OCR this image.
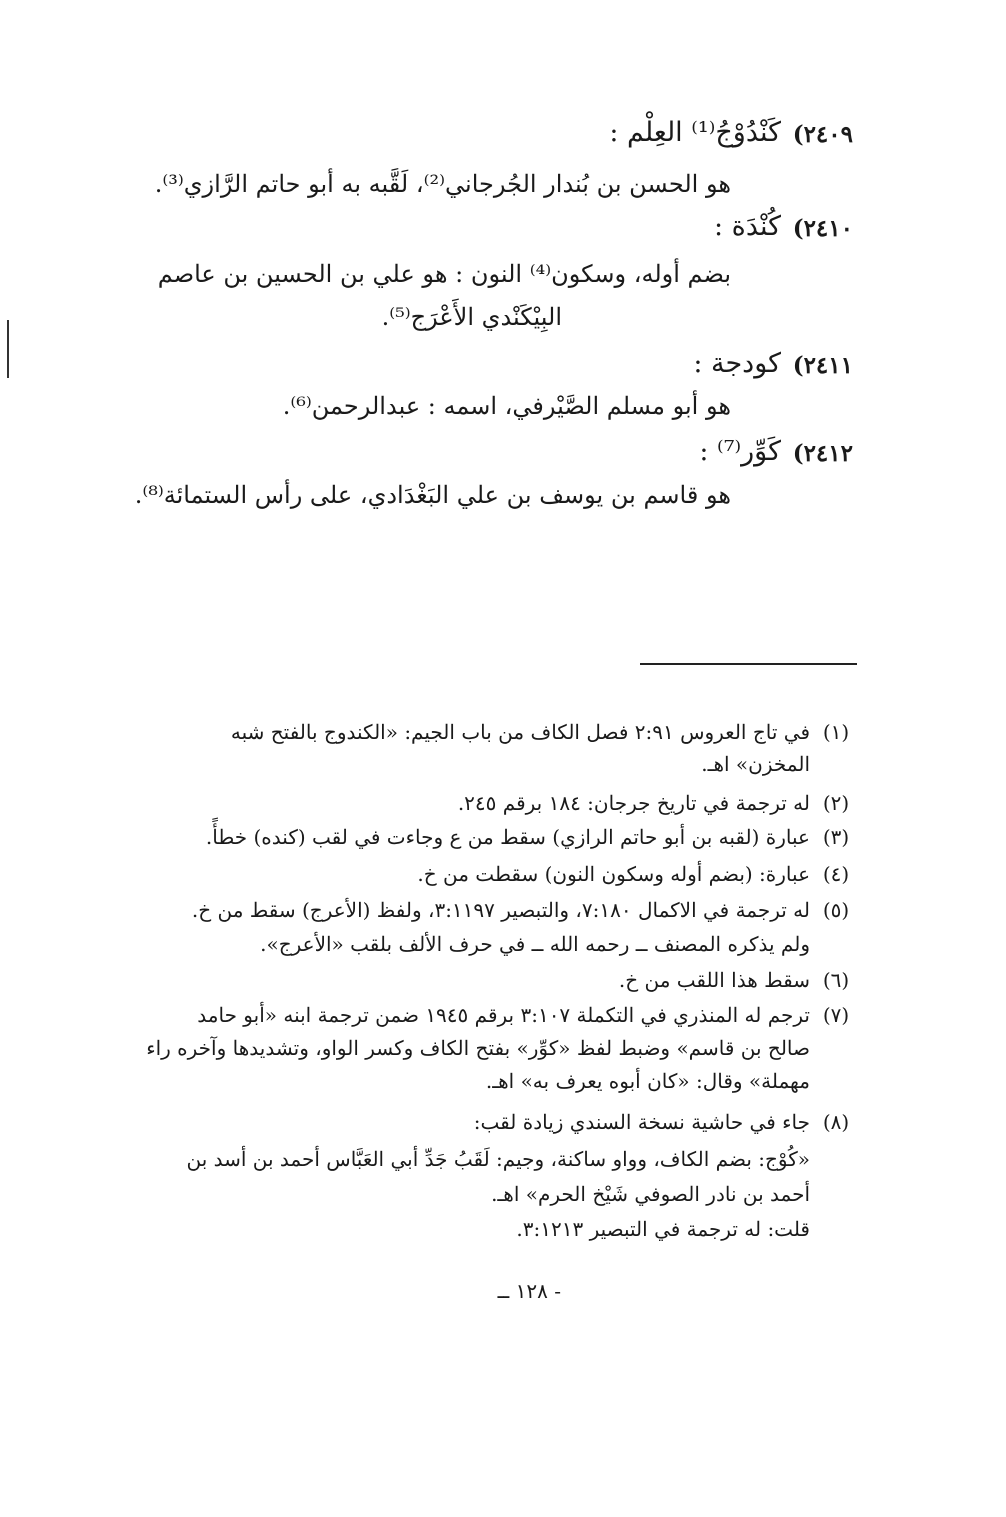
٢٤٠٩)
كَنْدُوْجُ⁽¹⁾ العِلْم :
هو الحسن بن بُندار الجُرجاني⁽²⁾، لَقَّبه به أبو حاتم الرَّازي⁽³⁾.
٢٤١٠)
كُنْدَة :
بضم أوله، وسكون⁽⁴⁾ النون : هو علي بن الحسين بن عاصم
البِيْكَنْدي الأَعْرَج⁽⁵⁾.
٢٤١١)
كودجة :
هو أبو مسلم الصَّيْرفي، اسمه : عبدالرحمن⁽⁶⁾.
٢٤١٢)
كَوِّر⁽⁷⁾ :
هو قاسم بن يوسف بن علي البَغْدَادي، على رأس الستمائة⁽⁸⁾.
(١)
في تاج العروس ٢:٩١ فصل الكاف من باب الجيم: «الكندوج بالفتح شبه
المخزن» اهـ.
(٢)
له ترجمة في تاريخ جرجان: ١٨٤ برقم ٢٤٥.
(٣)
عبارة (لقبه بن أبو حاتم الرازي) سقط من ع وجاءت في لقب (كنده) خطأً.
(٤)
عبارة: (بضم أوله وسكون النون) سقطت من خ.
(٥)
له ترجمة في الاكمال ٧:١٨٠، والتبصير ٣:١١٩٧، ولفظ (الأعرج) سقط من خ.
ولم يذكره المصنف ــ رحمه الله ــ في حرف الألف بلقب «الأعرج».
(٦)
سقط هذا اللقب من خ.
(٧)
ترجم له المنذري في التكملة ٣:١٠٧ برقم ١٩٤٥ ضمن ترجمة ابنه «أبو حامد
صالح بن قاسم» وضبط لفظ «كوِّر» بفتح الكاف وكسر الواو، وتشديدها وآخره راء
مهملة» وقال: «كان أبوه يعرف به» اهـ.
(٨)
جاء في حاشية نسخة السندي زيادة لقب:
«كُوْج: بضم الكاف، وواو ساكنة، وجيم: لَقَبُ جَدِّ أبي العَبَّاس أحمد بن أسد بن
أحمد بن نادر الصوفي شَيْخ الحرم» اهـ.
قلت: له ترجمة في التبصير ٣:١٢١٣.
- ١٢٨ ــ
